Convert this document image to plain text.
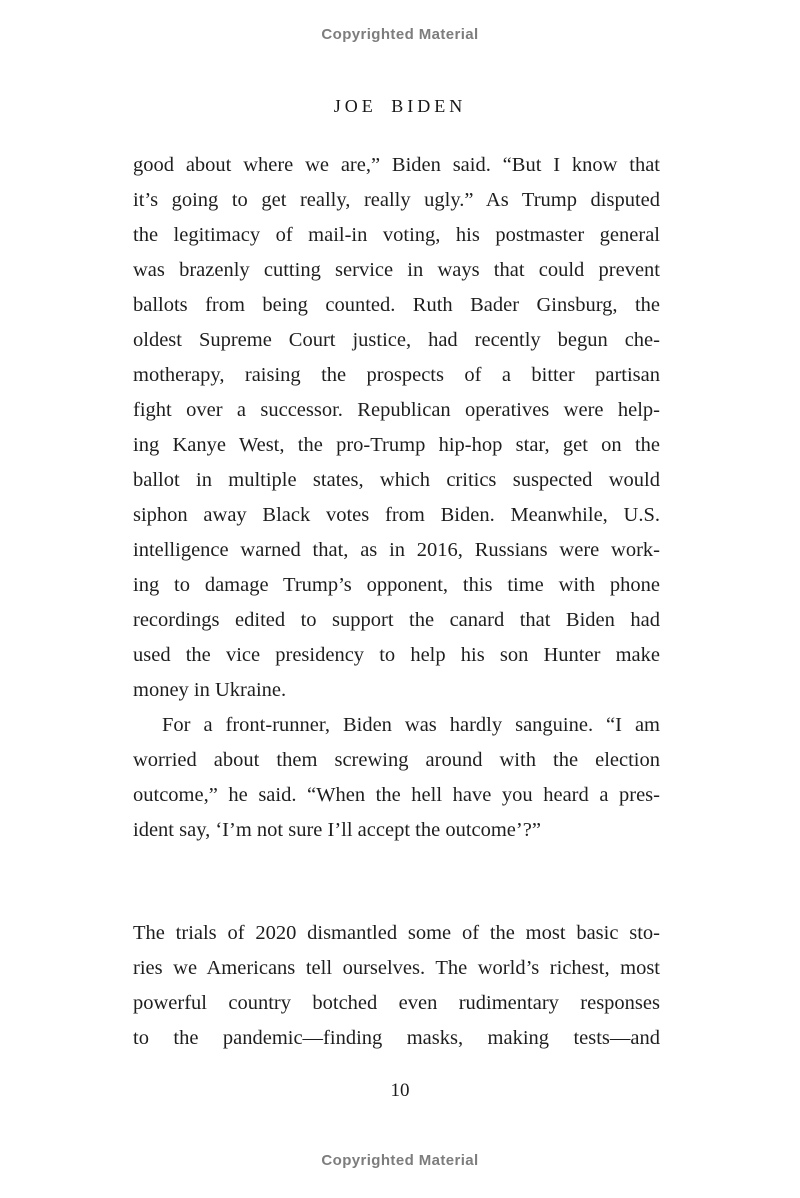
Copyrighted Material
JOE BIDEN
good about where we are,” Biden said. “But I know that
it’s going to get really, really ugly.” As Trump disputed
the legitimacy of mail-in voting, his postmaster general
was brazenly cutting service in ways that could prevent
ballots from being counted. Ruth Bader Ginsburg, the
oldest Supreme Court justice, had recently begun che-
motherapy, raising the prospects of a bitter partisan
fight over a successor. Republican operatives were help-
ing Kanye West, the pro-Trump hip-hop star, get on the
ballot in multiple states, which critics suspected would
siphon away Black votes from Biden. Meanwhile, U.S.
intelligence warned that, as in 2016, Russians were work-
ing to damage Trump’s opponent, this time with phone
recordings edited to support the canard that Biden had
used the vice presidency to help his son Hunter make
money in Ukraine.
For a front-runner, Biden was hardly sanguine. “I am
worried about them screwing around with the election
outcome,” he said. “When the hell have you heard a pres-
ident say, ‘I’m not sure I’ll accept the outcome’?”
The trials of 2020 dismantled some of the most basic sto-
ries we Americans tell ourselves. The world’s richest, most
powerful country botched even rudimentary responses
to the pandemic—finding masks, making tests—and
10
Copyrighted Material
